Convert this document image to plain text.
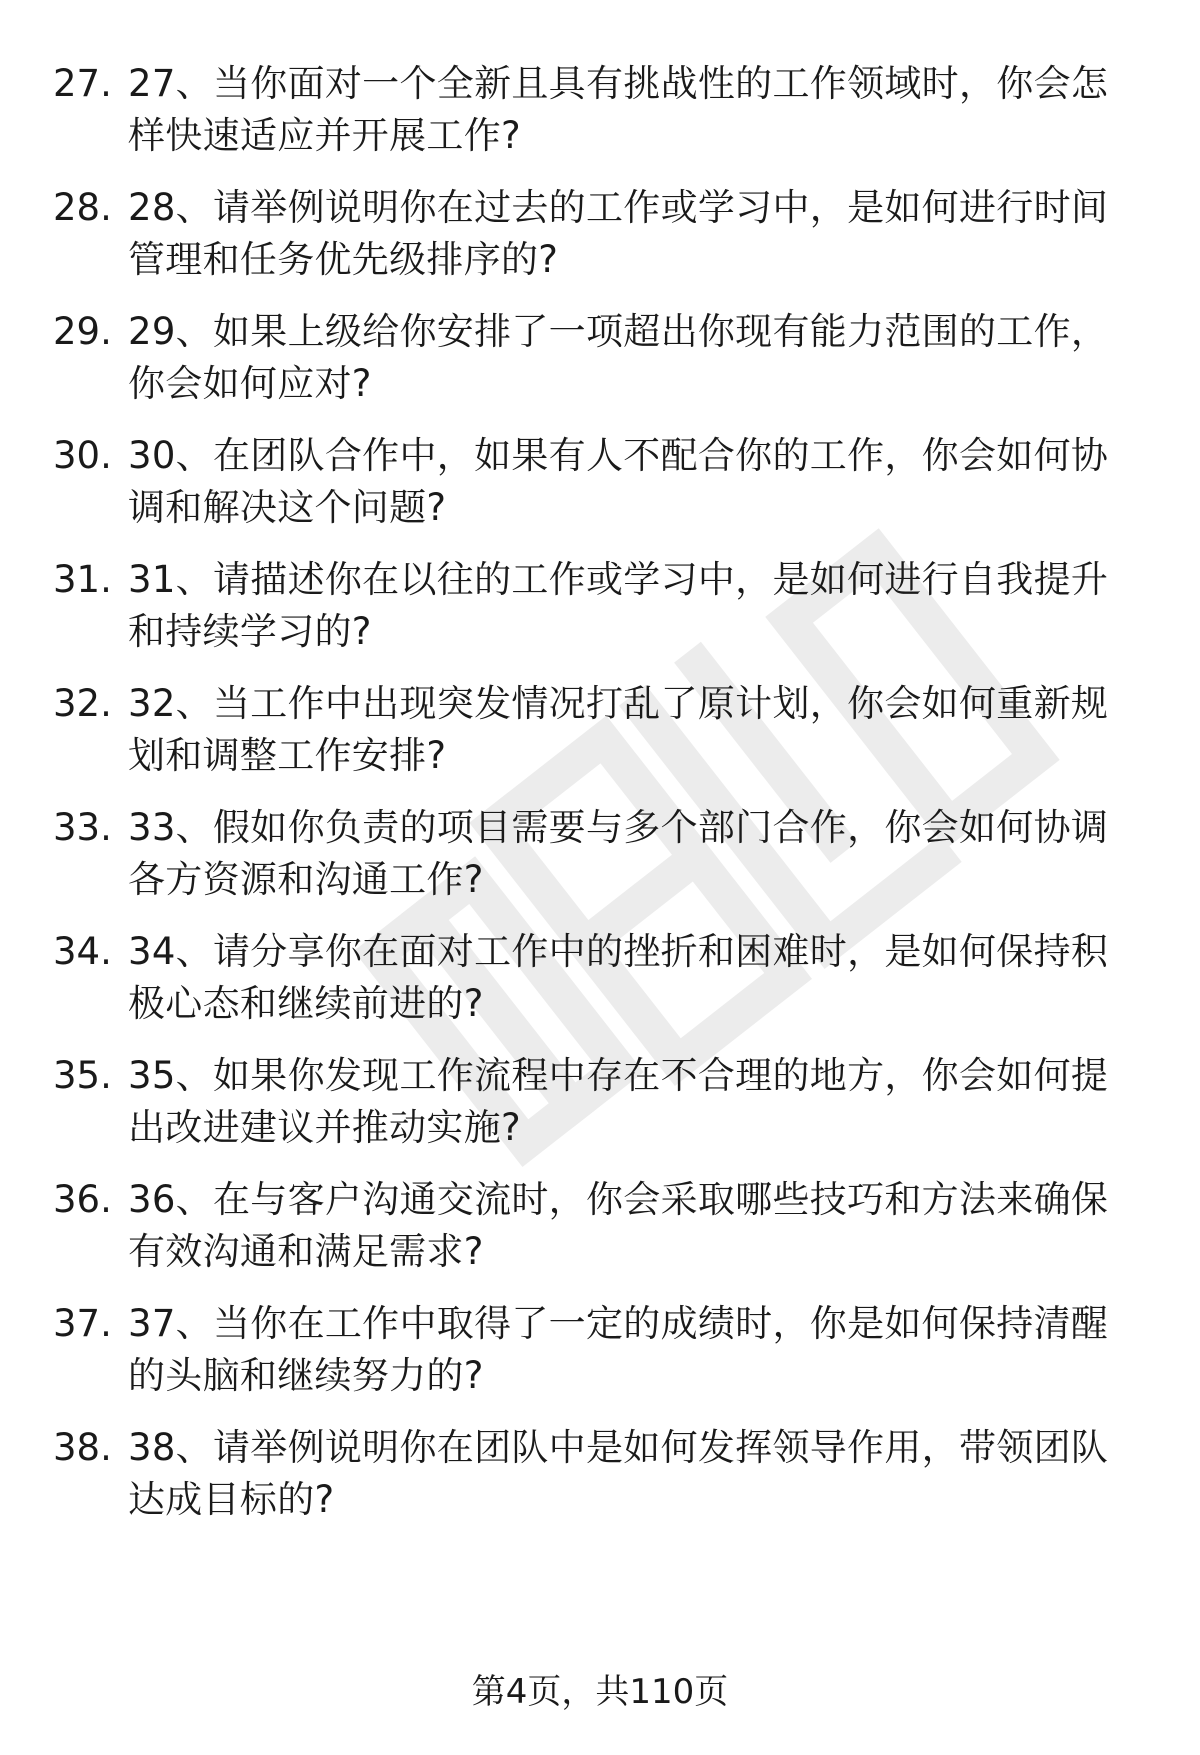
27. 27、当你面对一个全新且具有挑战性的工作领域时，你会怎样快速适应并开展工作?
28. 28、请举例说明你在过去的工作或学习中，是如何进行时间管理和任务优先级排序的?
29. 29、如果上级给你安排了一项超出你现有能力范围的工作，你会如何应对?
30. 30、在团队合作中，如果有人不配合你的工作，你会如何协调和解决这个问题?
31. 31、请描述你在以往的工作或学习中，是如何进行自我提升和持续学习的?
32. 32、当工作中出现突发情况打乱了原计划，你会如何重新规划和调整工作安排?
33. 33、假如你负责的项目需要与多个部门合作，你会如何协调各方资源和沟通工作?
34. 34、请分享你在面对工作中的挫折和困难时，是如何保持积极心态和继续前进的?
35. 35、如果你发现工作流程中存在不合理的地方，你会如何提出改进建议并推动实施?
36. 36、在与客户沟通交流时，你会采取哪些技巧和方法来确保有效沟通和满足需求?
37. 37、当你在工作中取得了一定的成绩时，你是如何保持清醒的头脑和继续努力的?
38. 38、请举例说明你在团队中是如何发挥领导作用，带领团队达成目标的?
第4页，共110页
